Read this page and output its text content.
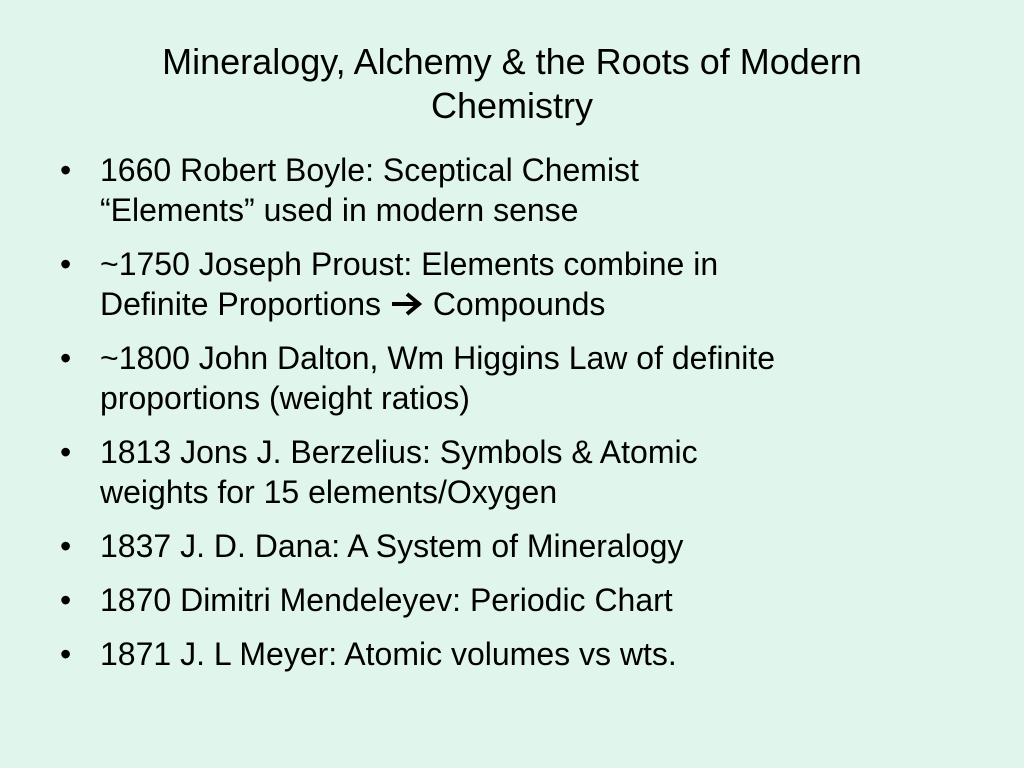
Mineralogy, Alchemy & the Roots of Modern
Chemistry
• 1660 Robert Boyle: Sceptical Chemist
“Elements” used in modern sense
• ~1750 Joseph Proust: Elements combine in
Definite Proportions  Compounds
• ~1800 John Dalton, Wm Higgins Law of definite
proportions (weight ratios)
• 1813 Jons J. Berzelius: Symbols & Atomic
weights for 15 elements/Oxygen
• 1837 J. D. Dana: A System of Mineralogy
• 1870 Dimitri Mendeleyev: Periodic Chart
• 1871 J. L Meyer: Atomic volumes vs wts.
